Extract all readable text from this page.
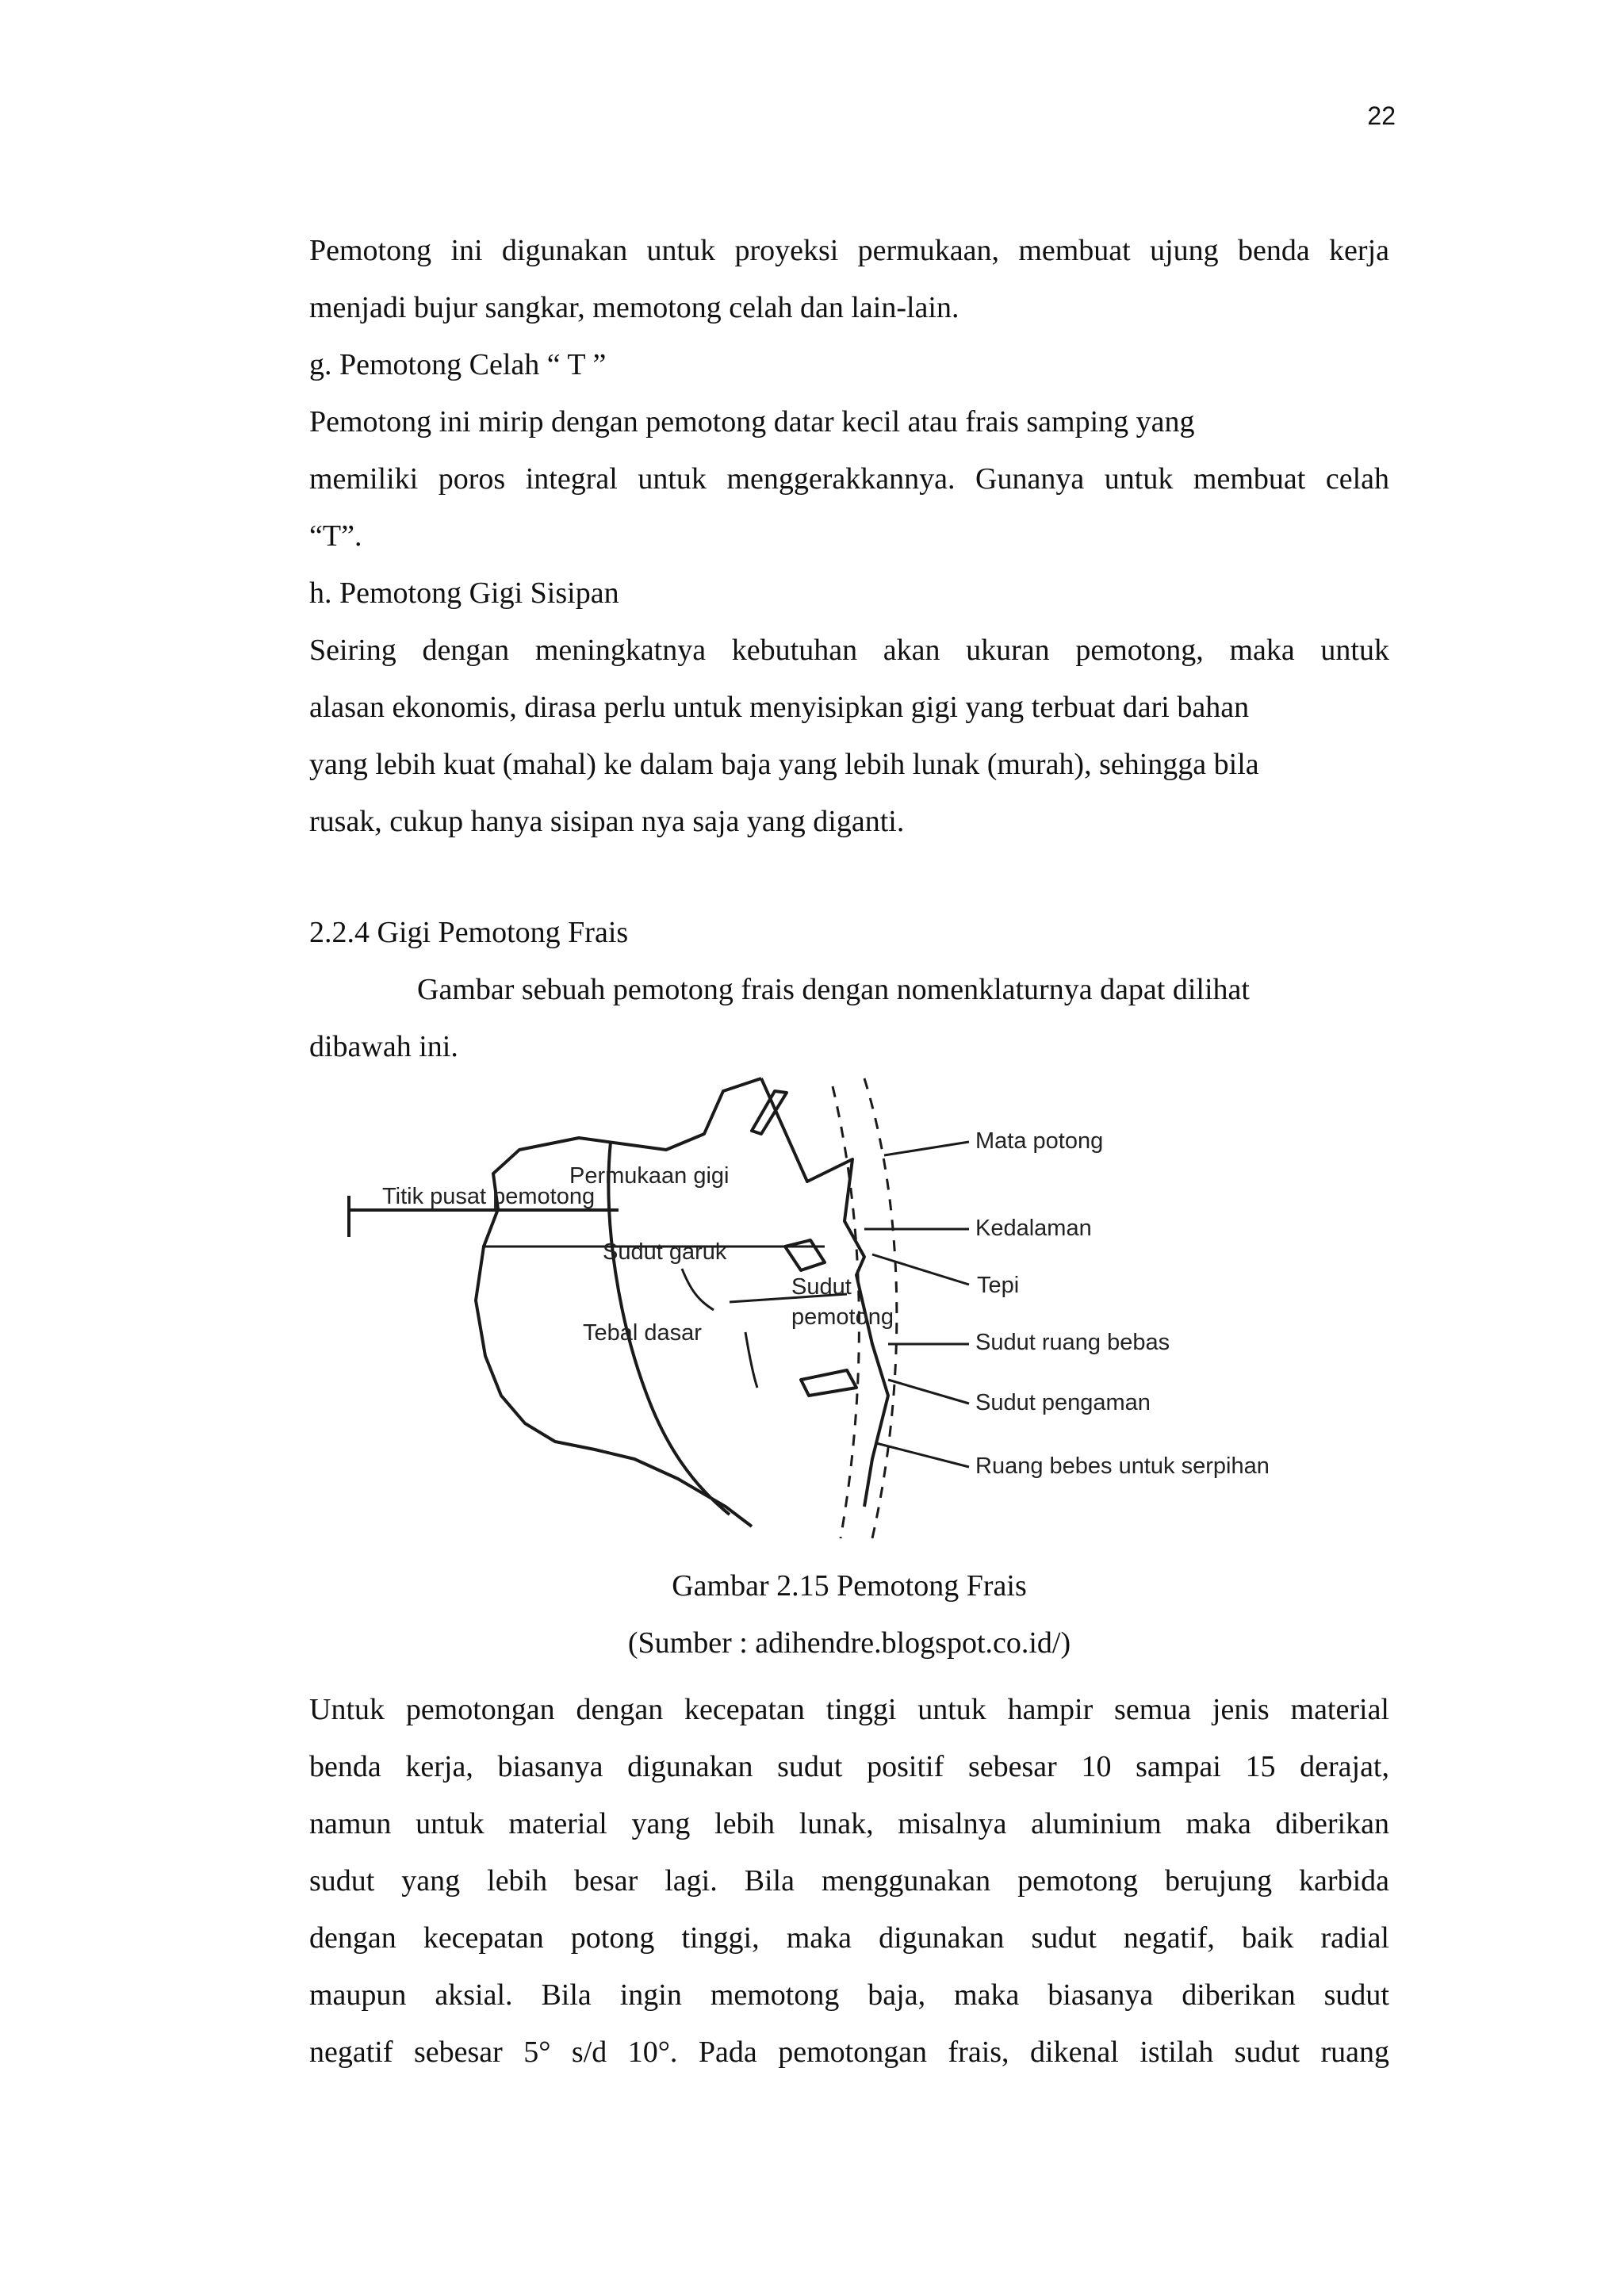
22
Pemotong ini digunakan untuk proyeksi permukaan, membuat ujung benda kerja
menjadi bujur sangkar, memotong celah dan lain-lain.
g. Pemotong Celah “ T ”
Pemotong ini mirip dengan pemotong datar kecil atau frais samping yang
memiliki poros integral untuk menggerakkannya. Gunanya untuk membuat celah
“T”.
h. Pemotong Gigi Sisipan
Seiring dengan meningkatnya kebutuhan akan ukuran pemotong, maka untuk
alasan ekonomis, dirasa perlu untuk menyisipkan gigi yang terbuat dari bahan
yang lebih kuat (mahal) ke dalam baja yang lebih lunak (murah), sehingga bila
rusak, cukup hanya sisipan nya saja yang diganti.
2.2.4 Gigi Pemotong Frais
Gambar sebuah pemotong frais dengan nomenklaturnya dapat dilihat
dibawah ini.
Mata potong
Permukaan gigi
Kedalaman
Titik pusat pemotong
Sudut garuk
Tepi
Sudut
pemotong
Tebal dasar	Sudut ruang bebas
Sudut pengaman
Ruang bebes untuk serpihan
Gambar 2.15 Pemotong Frais
(Sumber : adihendre.blogspot.co.id/)
Untuk pemotongan dengan kecepatan tinggi untuk hampir semua jenis material
benda kerja, biasanya digunakan sudut positif sebesar 10 sampai 15 derajat,
namun untuk material yang lebih lunak, misalnya aluminium maka diberikan
sudut yang lebih besar lagi. Bila menggunakan pemotong berujung karbida
dengan kecepatan potong tinggi, maka digunakan sudut negatif, baik radial
maupun aksial. Bila ingin memotong baja, maka biasanya diberikan sudut
negatif sebesar 5° s/d 10°. Pada pemotongan frais, dikenal istilah sudut ruang
